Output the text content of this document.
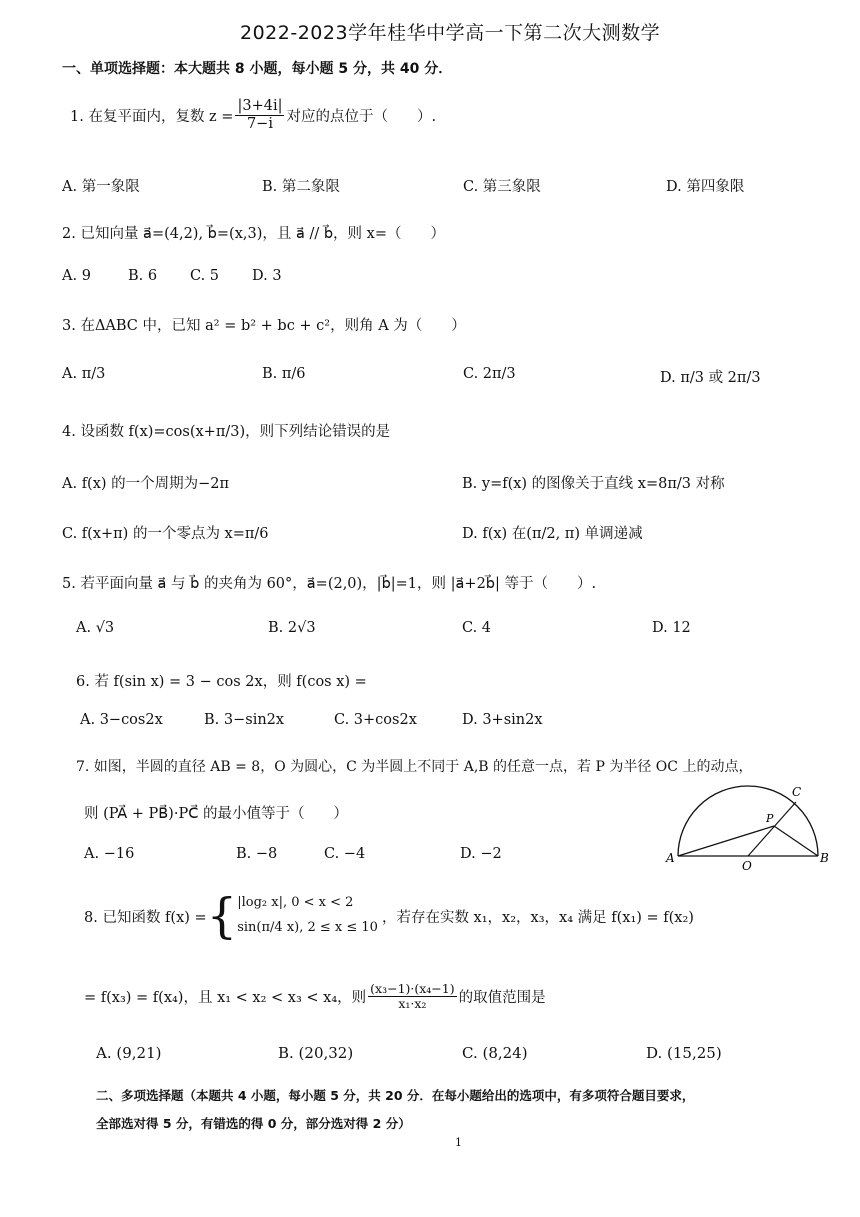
2022-2023学年桂华中学高一下第二次大测数学
一、单项选择题：本大题共 8 小题，每小题 5 分，共 40 分．
1. 在复平面内，复数 $z = \frac{|3+4i|}{7-i}$ 对应的点位于（　　）.
A. 第一象限	B. 第二象限	C. 第三象限	D. 第四象限
2. 已知向量 a⃗=(4,2), b⃗=(x,3)，且 a⃗ // b⃗，则 x=（　　）
A. 9	B. 6 C. 5 D. 3
3. 在ΔABC 中，已知 a² = b² + bc + c²，则角 A 为（　　）
A. π/3	B. π/6	C. 2π/3	D. π/3 或 2π/3
4. 设函数 f(x)=cos(x+π/3)，则下列结论错误的是
A. f(x) 的一个周期为−2π	B. y=f(x) 的图像关于直线 x=8π/3 对称
C. f(x+π) 的一个零点为 x=π/6	D. f(x) 在(π/2, π) 单调递减
5. 若平面向量 a⃗ 与 b⃗ 的夹角为 60°，a⃗=(2,0)，|b⃗|=1，则 |a⃗+2b⃗| 等于（　　）.
A. √3	B. 2√3	C. 4	D. 12
6. 若 f(sin x) = 3 − cos 2x，则 f(cos x) =
A. 3−cos2x	B. 3−sin2x	C. 3+cos2x	D. 3+sin2x
7. 如图，半圆的直径 AB = 8，O 为圆心，C 为半圆上不同于 A,B 的任意一点，若 P 为半径 OC 上的动点，
则 (PA⃗ + PB⃗)·PC⃗ 的最小值等于（　　）
A. −16	B. −8	C. −4	D. −2	A	B
C
O
P
8. 已知函数 f(x) = { |log₂ x|, 0 < x < 2
sin(π/4 x), 2 ≤ x ≤ 10
，若存在实数 x₁，x₂，x₃，x₄ 满足 f(x₁) = f(x₂)
= f(x₃) = f(x₄)，且 x₁ < x₂ < x₃ < x₄，则 $\frac{\text{(x₃−1)·(x₄−1)}}{\text{x₁·x₂}}$ 的取值范围是
A. (9,21)	B. (20,32)	C. (8,24)	D. (15,25)
二、多项选择题（本题共 4 小题，每小题 5 分，共 20 分．在每小题给出的选项中，有多项符合题目要求，
全部选对得 5 分，有错选的得 0 分，部分选对得 2 分）
1
